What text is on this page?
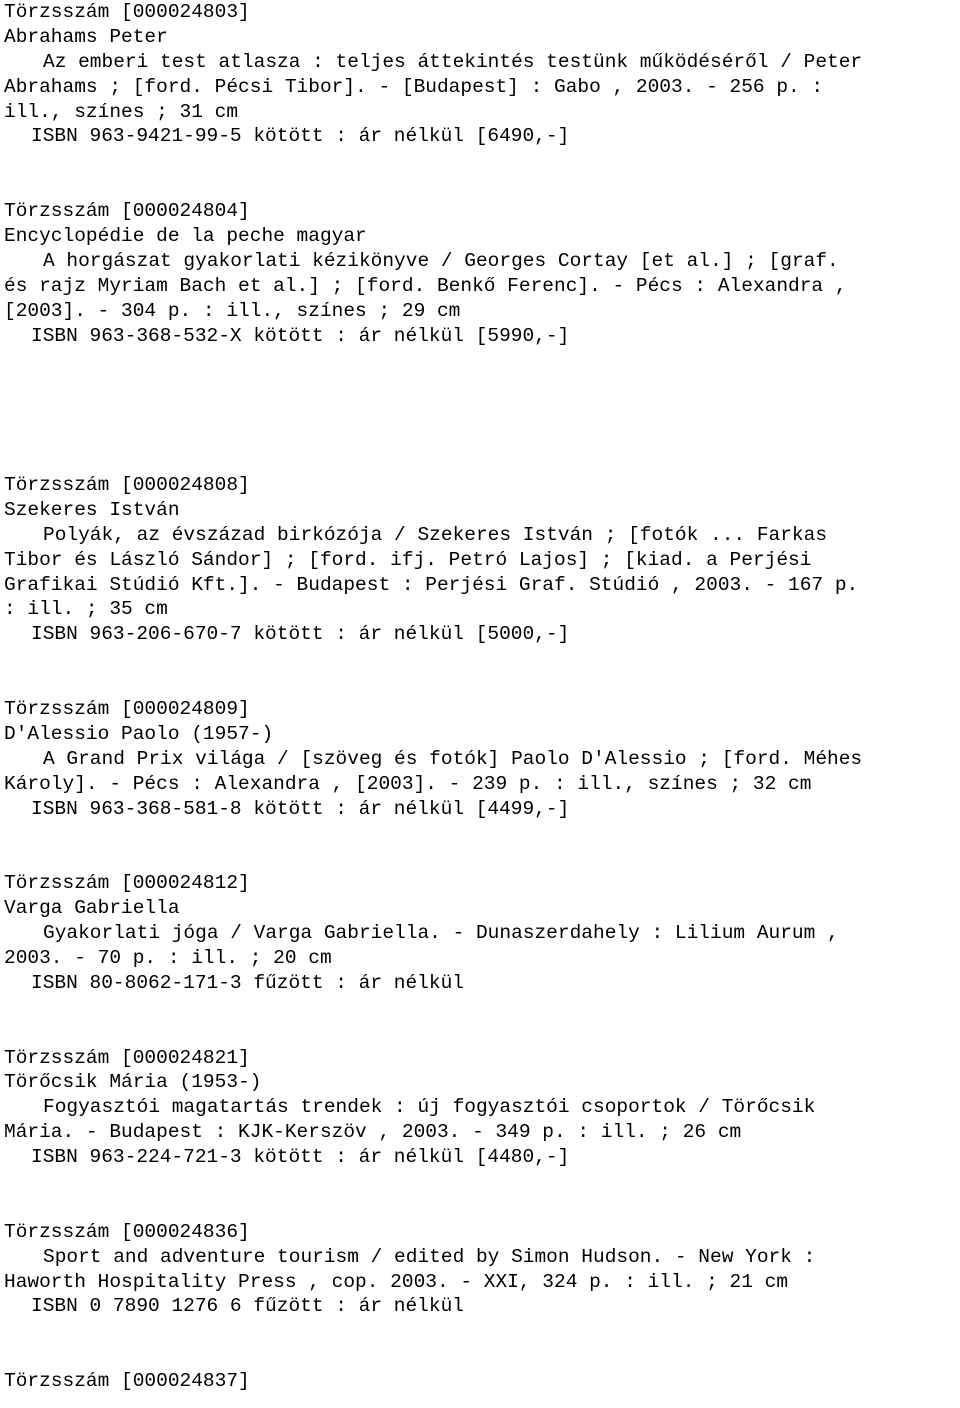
Törzsszám [000024803]
Abrahams Peter
Az emberi test atlasza : teljes áttekintés testünk működéséről / Peter
Abrahams ; [ford. Pécsi Tibor]. - [Budapest] : Gabo , 2003. - 256 p. :
ill., színes ; 31 cm
ISBN 963-9421-99-5 kötött : ár nélkül [6490,-]
Törzsszám [000024804]
Encyclopédie de la peche magyar
A horgászat gyakorlati kézikönyve / Georges Cortay [et al.] ; [graf.
és rajz Myriam Bach et al.] ; [ford. Benkő Ferenc]. - Pécs : Alexandra ,
[2003]. - 304 p. : ill., színes ; 29 cm
ISBN 963-368-532-X kötött : ár nélkül [5990,-]
Törzsszám [000024808]
Szekeres István
Polyák, az évszázad birkózója / Szekeres István ; [fotók ... Farkas
Tibor és László Sándor] ; [ford. ifj. Petró Lajos] ; [kiad. a Perjési
Grafikai Stúdió Kft.]. - Budapest : Perjési Graf. Stúdió , 2003. - 167 p.
: ill. ; 35 cm
ISBN 963-206-670-7 kötött : ár nélkül [5000,-]
Törzsszám [000024809]
D'Alessio Paolo (1957-)
A Grand Prix világa / [szöveg és fotók] Paolo D'Alessio ; [ford. Méhes
Károly]. - Pécs : Alexandra , [2003]. - 239 p. : ill., színes ; 32 cm
ISBN 963-368-581-8 kötött : ár nélkül [4499,-]
Törzsszám [000024812]
Varga Gabriella
Gyakorlati jóga / Varga Gabriella. - Dunaszerdahely : Lilium Aurum ,
2003. - 70 p. : ill. ; 20 cm
ISBN 80-8062-171-3 fűzött : ár nélkül
Törzsszám [000024821]
Törőcsik Mária (1953-)
Fogyasztói magatartás trendek : új fogyasztói csoportok / Törőcsik
Mária. - Budapest : KJK-Kerszöv , 2003. - 349 p. : ill. ; 26 cm
ISBN 963-224-721-3 kötött : ár nélkül [4480,-]
Törzsszám [000024836]
Sport and adventure tourism / edited by Simon Hudson. - New York :
Haworth Hospitality Press , cop. 2003. - XXI, 324 p. : ill. ; 21 cm
ISBN 0 7890 1276 6 fűzött : ár nélkül
Törzsszám [000024837]
